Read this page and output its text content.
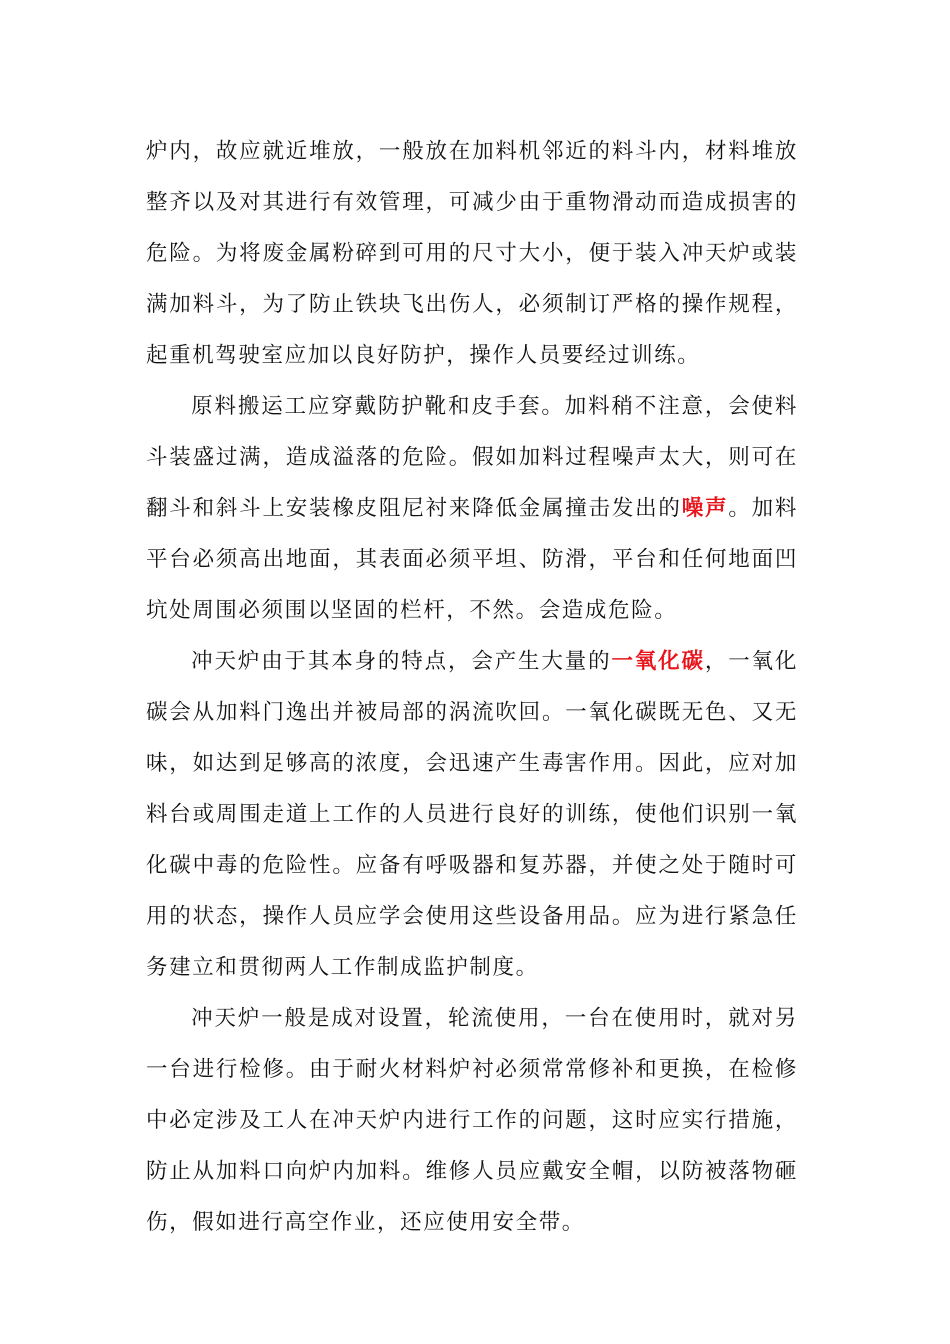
炉内，故应就近堆放，一般放在加料机邻近的料斗内，材料堆放整齐以及对其进行有效管理，可减少由于重物滑动而造成损害的危险。为将废金属粉碎到可用的尺寸大小，便于装入冲天炉或装满加料斗，为了防止铁块飞出伤人，必须制订严格的操作规程，起重机驾驶室应加以良好防护，操作人员要经过训练。

原料搬运工应穿戴防护靴和皮手套。加料稍不注意，会使料斗装盛过满，造成溢落的危险。假如加料过程噪声太大，则可在翻斗和斜斗上安装橡皮阻尼衬来降低金属撞击发出的噪声。加料平台必须高出地面，其表面必须平坦、防滑，平台和任何地面凹坑处周围必须围以坚固的栏杆，不然。会造成危险。

冲天炉由于其本身的特点，会产生大量的一氧化碳，一氧化碳会从加料门逸出并被局部的涡流吹回。一氧化碳既无色、又无味，如达到足够高的浓度，会迅速产生毒害作用。因此，应对加料台或周围走道上工作的人员进行良好的训练，使他们识别一氧化碳中毒的危险性。应备有呼吸器和复苏器，并使之处于随时可用的状态，操作人员应学会使用这些设备用品。应为进行紧急任务建立和贯彻两人工作制成监护制度。

冲天炉一般是成对设置，轮流使用，一台在使用时，就对另一台进行检修。由于耐火材料炉衬必须常常修补和更换，在检修中必定涉及工人在冲天炉内进行工作的问题，这时应实行措施，防止从加料口向炉内加料。维修人员应戴安全帽，以防被落物砸伤，假如进行高空作业，还应使用安全带。
